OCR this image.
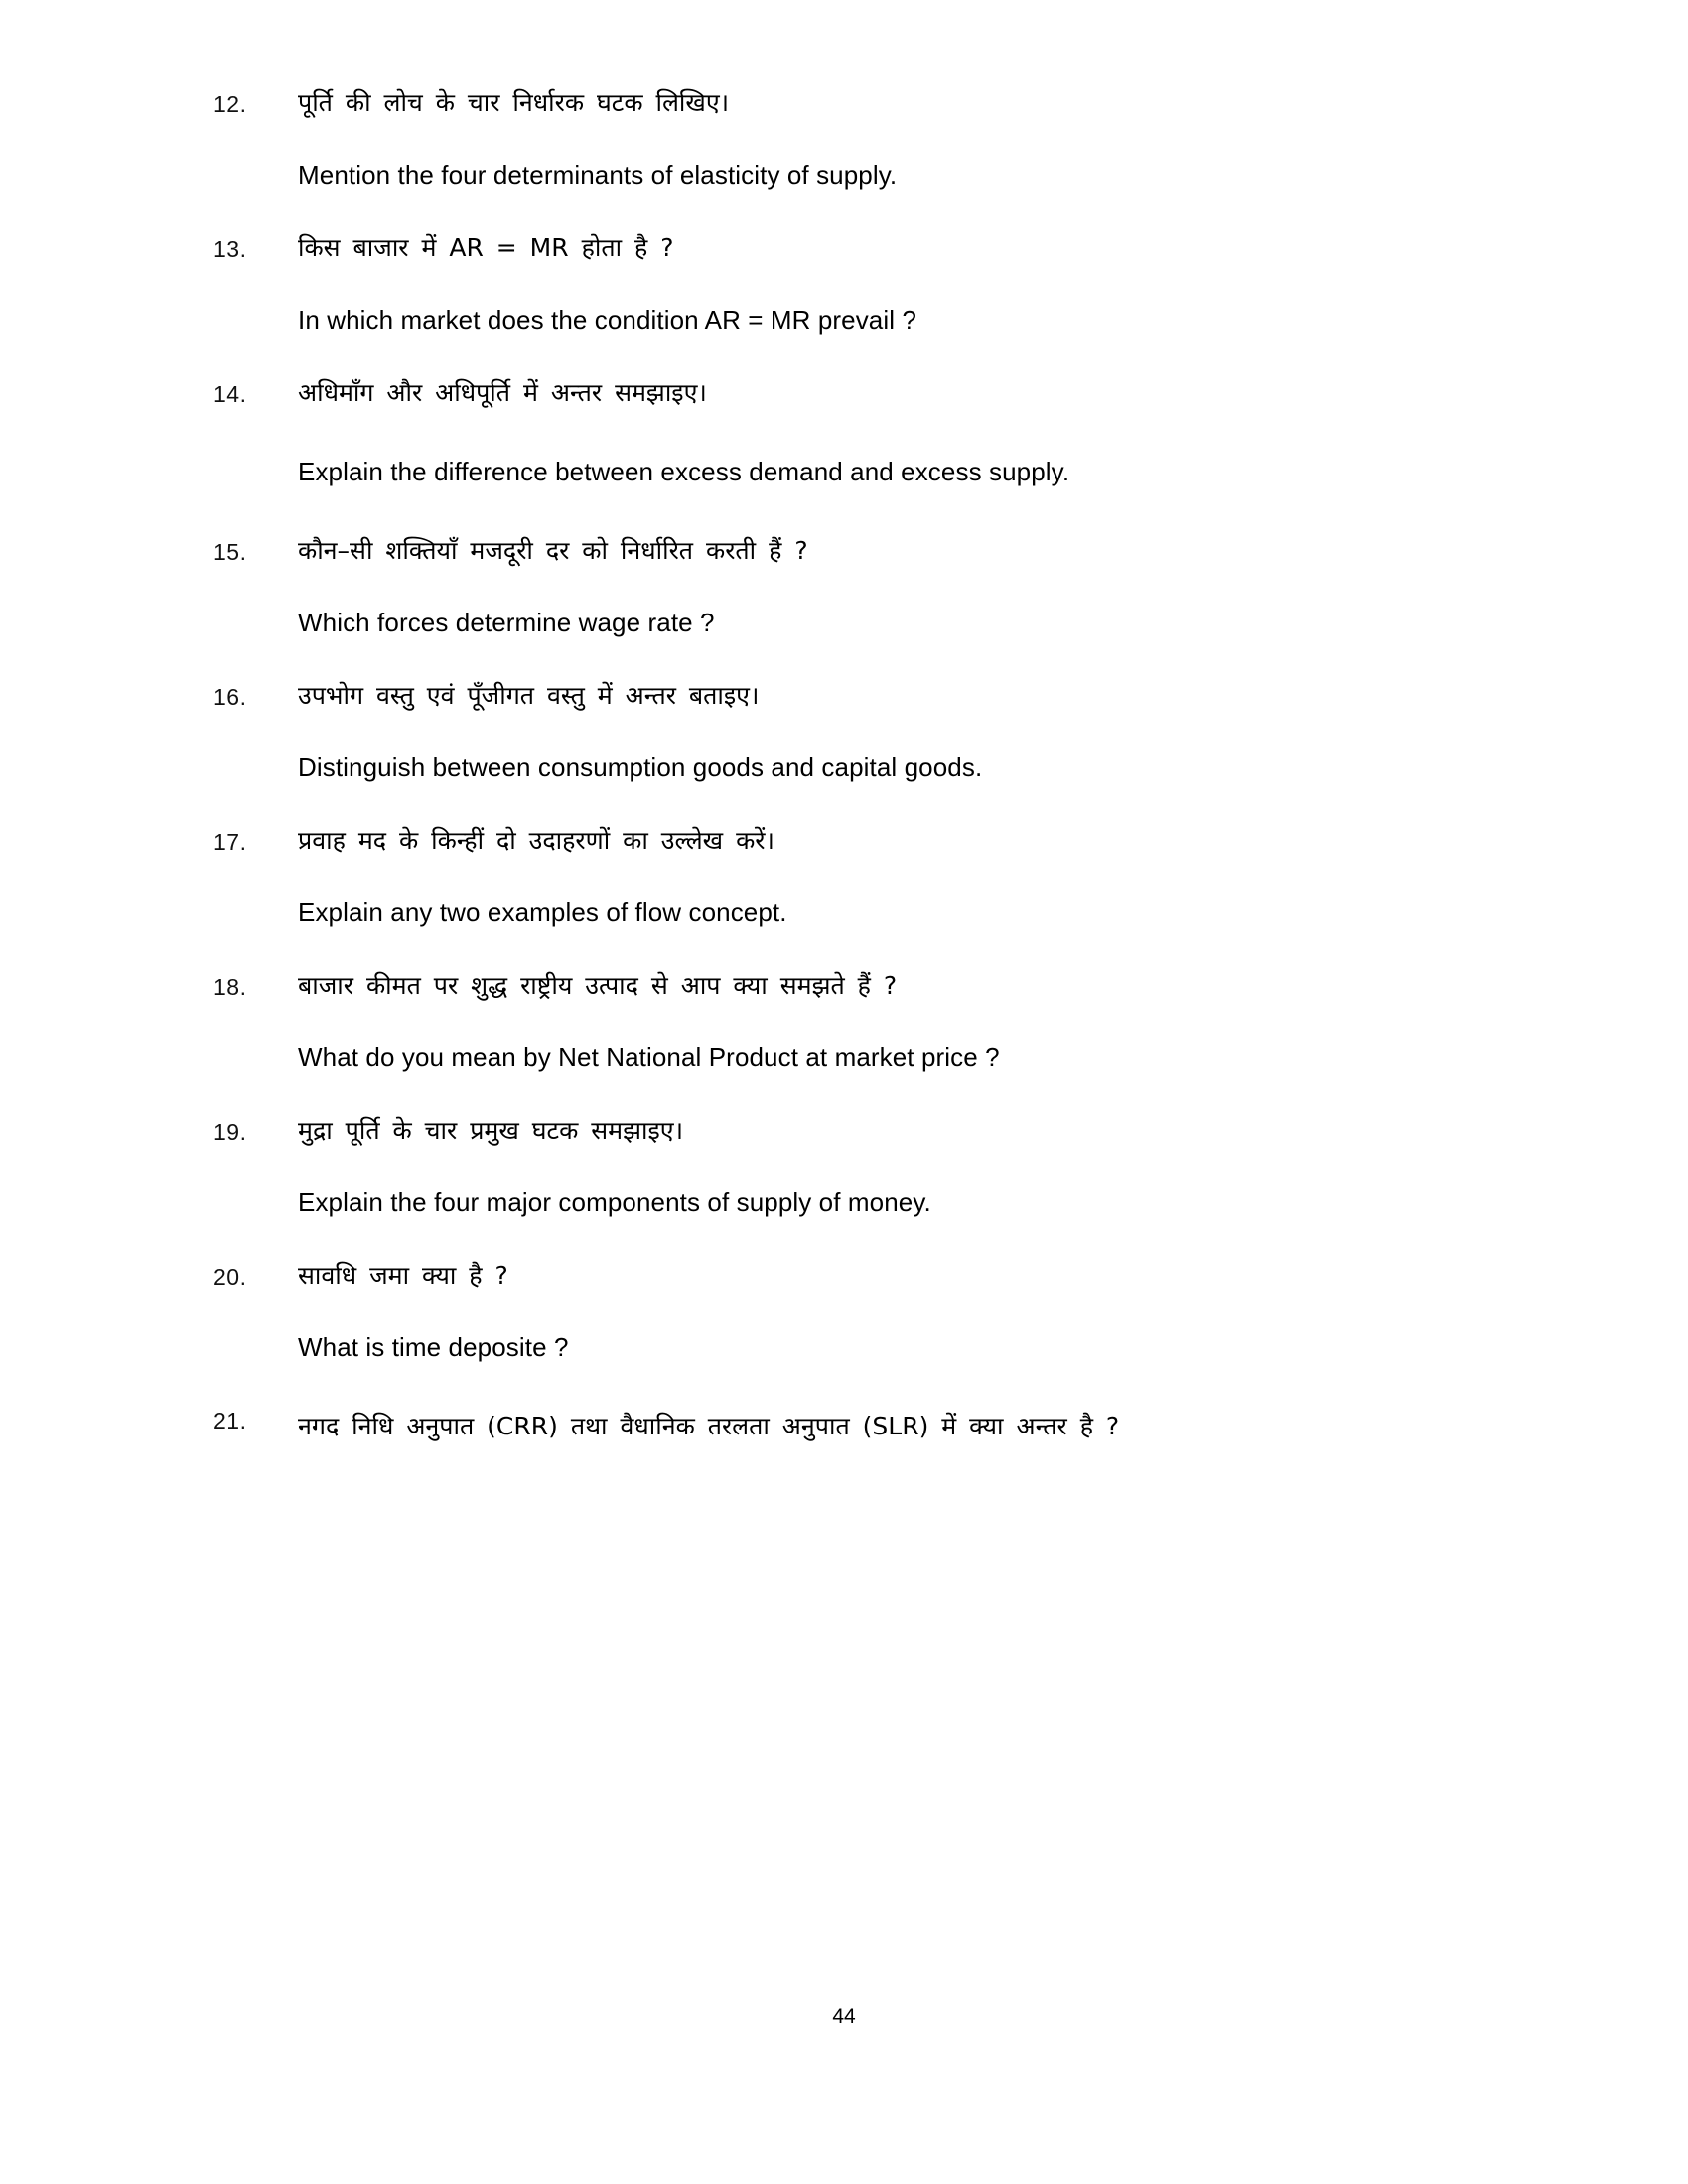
12.	पूर्ति की लोच के चार निर्धारक घटक लिखिए।
Mention the four determinants of elasticity of supply.
13.	किस बाजार में AR = MR होता है ?
In which market does the condition AR = MR prevail ?
14.	अधिमाँग और अधिपूर्ति में अन्तर समझाइए।
Explain the difference between excess demand and excess supply.
15.	कौन–सी शक्तियाँ मजदूरी दर को निर्धारित करती हैं ?
Which forces determine wage rate ?
16.	उपभोग वस्तु एवं पूँजीगत वस्तु में अन्तर बताइए।
Distinguish between consumption goods and capital goods.
17.	प्रवाह मद के किन्हीं दो उदाहरणों का उल्लेख करें।
Explain any two examples of flow concept.
18.	बाजार कीमत पर शुद्ध राष्ट्रीय उत्पाद से आप क्या समझते हैं ?
What do you mean by Net National Product at market price ?
19.	मुद्रा पूर्ति के चार प्रमुख घटक समझाइए।
Explain the four major components of supply of money.
20.	सावधि जमा क्या है ?
What is time deposite ?
21.	नगद निधि अनुपात (CRR) तथा वैधानिक तरलता अनुपात (SLR) में क्या अन्तर है ?
44
